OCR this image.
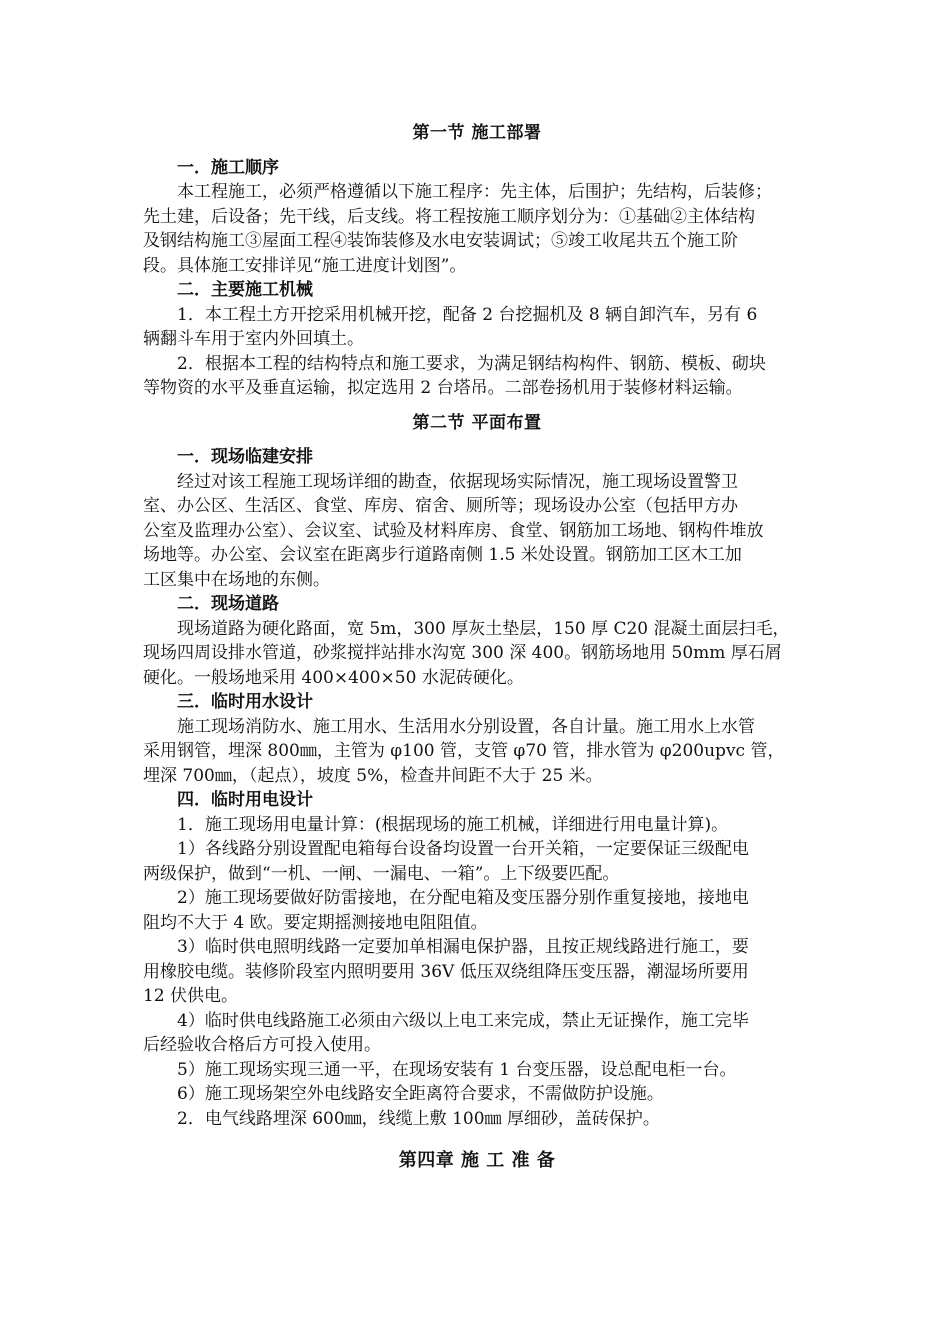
第一节 施工部署
一．施工顺序
本工程施工，必须严格遵循以下施工程序：先主体，后围护；先结构，后装修；
先土建，后设备；先干线，后支线。将工程按施工顺序划分为：①基础②主体结构
及钢结构施工③屋面工程④装饰装修及水电安装调试；⑤竣工收尾共五个施工阶
段。具体施工安排详见“施工进度计划图”。
二．主要施工机械
1．本工程土方开挖采用机械开挖，配备 2 台挖掘机及 8 辆自卸汽车，另有 6
辆翻斗车用于室内外回填土。
2．根据本工程的结构特点和施工要求，为满足钢结构构件、钢筋、模板、砌块
等物资的水平及垂直运输，拟定选用 2 台塔吊。二部卷扬机用于装修材料运输。
第二节 平面布置
一．现场临建安排
经过对该工程施工现场详细的勘查，依据现场实际情况，施工现场设置警卫
室、办公区、生活区、食堂、库房、宿舍、厕所等；现场设办公室（包括甲方办
公室及监理办公室）、会议室、试验及材料库房、食堂、钢筋加工场地、钢构件堆放
场地等。办公室、会议室在距离步行道路南侧 1.5 米处设置。钢筋加工区木工加
工区集中在场地的东侧。
二．现场道路
现场道路为硬化路面，宽 5m，300 厚灰土垫层，150 厚 C20 混凝土面层扫毛，
现场四周设排水管道，砂浆搅拌站排水沟宽 300 深 400。钢筋场地用 50mm 厚石屑
硬化。一般场地采用 400×400×50 水泥砖硬化。
三．临时用水设计
施工现场消防水、施工用水、生活用水分别设置，各自计量。施工用水上水管
采用钢管，埋深 800㎜，主管为 φ100 管，支管 φ70 管，排水管为 φ200upvc 管，
埋深 700㎜，（起点），坡度 5%，检查井间距不大于 25 米。
四．临时用电设计
1．施工现场用电量计算：(根据现场的施工机械，详细进行用电量计算)。
1）各线路分别设置配电箱每台设备均设置一台开关箱，一定要保证三级配电
两级保护，做到“一机、一闸、一漏电、一箱”。上下级要匹配。
2）施工现场要做好防雷接地，在分配电箱及变压器分别作重复接地，接地电
阻均不大于 4 欧。要定期摇测接地电阻阻值。
3）临时供电照明线路一定要加单相漏电保护器，且按正规线路进行施工，要
用橡胶电缆。装修阶段室内照明要用 36V 低压双绕组降压变压器，潮湿场所要用
12 伏供电。
4）临时供电线路施工必须由六级以上电工来完成，禁止无证操作，施工完毕
后经验收合格后方可投入使用。
5）施工现场实现三通一平，在现场安装有 1 台变压器，设总配电柜一台。
6）施工现场架空外电线路安全距离符合要求，不需做防护设施。
2．电气线路埋深 600㎜，线缆上敷 100㎜ 厚细砂，盖砖保护。
第四章 施 工 准 备
